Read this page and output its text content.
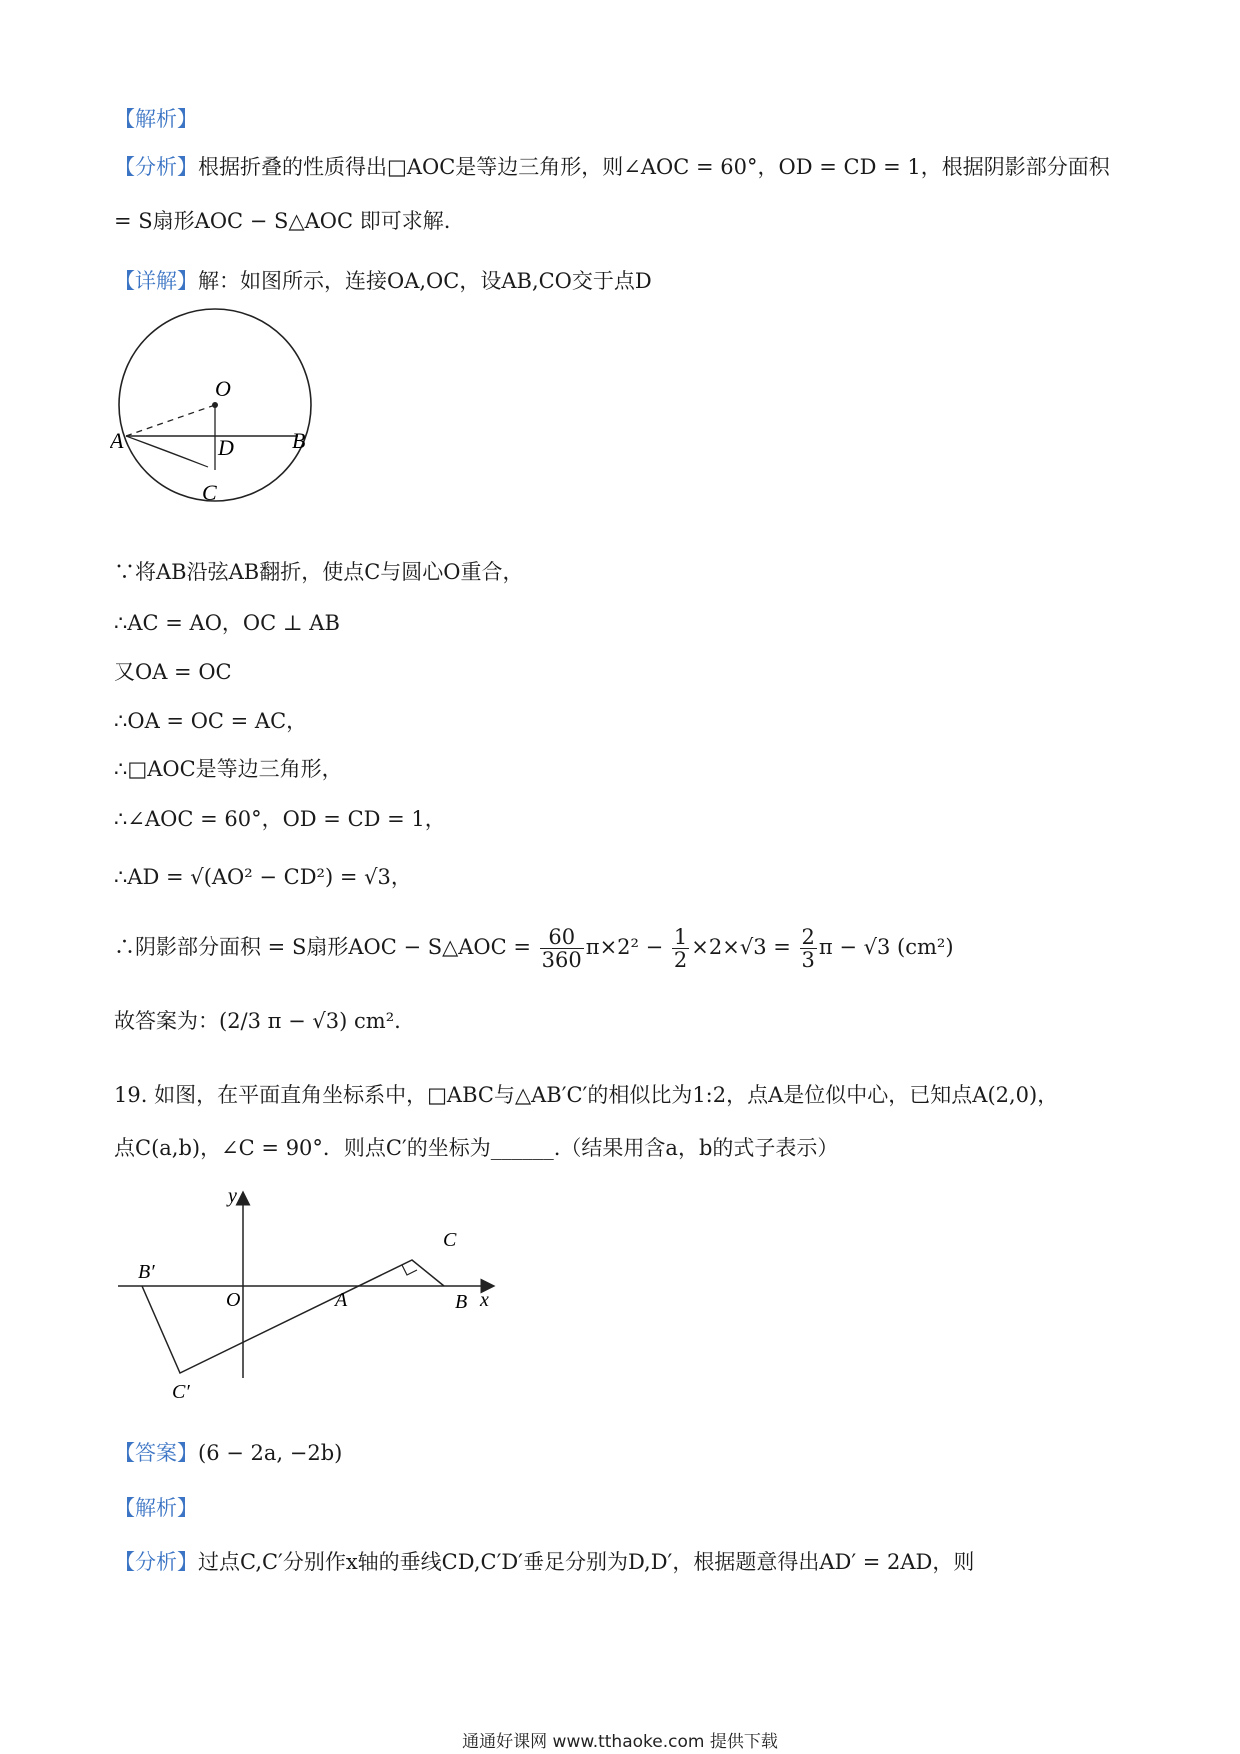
【解析】
【分析】根据折叠的性质得出□AOC是等边三角形，则∠AOC = 60°，OD = CD = 1，根据阴影部分面积
= S扇形AOC − S△AOC 即可求解.
【详解】解：如图所示，连接OA,OC，设AB,CO交于点D
O
A	B
D
C
∵将AB沿弦AB翻折，使点C与圆心O重合，
∴AC = AO，OC ⊥ AB
又OA = OC
∴OA = OC = AC，
∴□AOC是等边三角形，
∴∠AOC = 60°，OD = CD = 1，
∴AD = √(AO² − CD²) = √3，
∴阴影部分面积 = S扇形AOC − S△AOC = $\frac{60}{360} \pi\times 2^2 - \frac{1}{2} \times 2\times√3 = \frac{2}{3}$ π − √3 (cm²)
故答案为：(2/3 π − √3) cm².
19. 如图，在平面直角坐标系中，□ABC与△AB′C′的相似比为1:2，点A是位似中心，已知点A(2,0)，
点C(a,b)，∠C = 90°．则点C′的坐标为______.（结果用含a，b的式子表示）
y
x
O	A	B
C
B′
C′
【答案】(6 − 2a, −2b)
【解析】
【分析】过点C,C′分别作x轴的垂线CD,C′D′垂足分别为D,D′，根据题意得出AD′ = 2AD，则
通通好课网 www.tthaoke.com 提供下载
